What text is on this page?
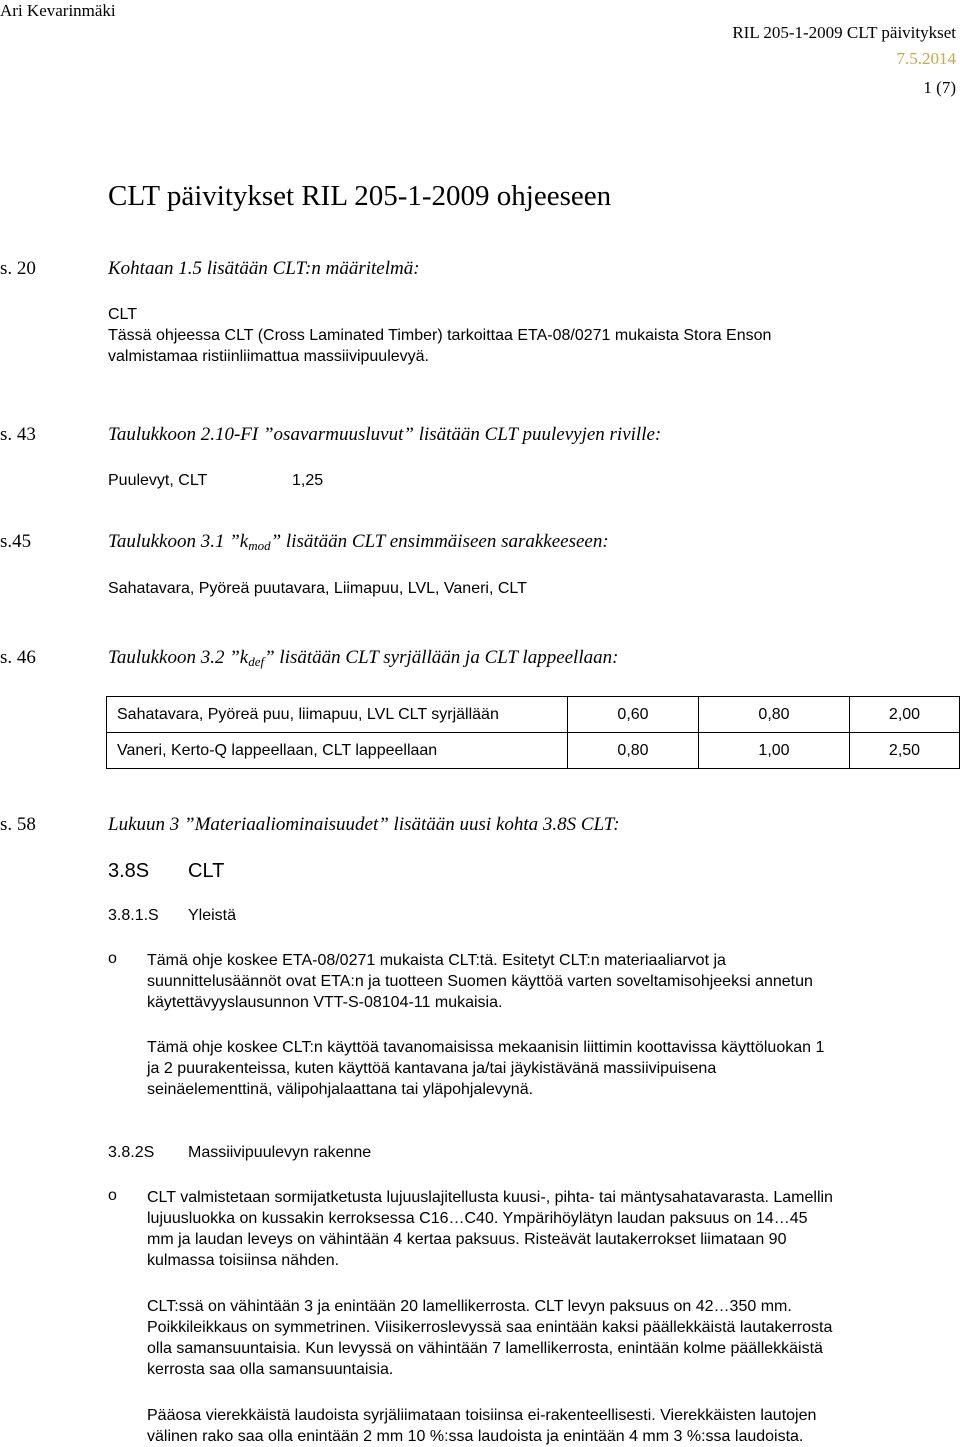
Ari Kevarinmäki
RIL 205-1-2009 CLT päivitykset
7.5.2014
1 (7)
CLT päivitykset RIL 205-1-2009 ohjeeseen
s. 20	Kohtaan 1.5 lisätään CLT:n määritelmä:
CLT
Tässä ohjeessa CLT (Cross Laminated Timber) tarkoittaa ETA-08/0271 mukaista Stora Enson
valmistamaa ristiinliimattua massiivipuulevyä.
s. 43	Taulukkoon 2.10-FI ”osavarmuusluvut” lisätään CLT puulevyjen riville:
Puulevyt, CLT	1,25
s.45	Taulukkoon 3.1 $”k_{mod}$” lisätään CLT ensimmäiseen sarakkeeseen:
Sahatavara, Pyöreä puutavara, Liimapuu, LVL, Vaneri, CLT
s. 46	Taulukkoon 3.2 $”k_{def}$” lisätään CLT syrjällään ja CLT lappeellaan:
Sahatavara, Pyöreä puu, liimapuu, LVL CLT syrjällään	0,60	0,80	2,00
Vaneri, Kerto-Q lappeellaan, CLT lappeellaan	0,80	1,00	2,50
s. 58	Lukuun 3 ”Materiaaliominaisuudet” lisätään uusi kohta 3.8S CLT:
3.8S CLT
3.8.1.S Yleistä
o Tämä ohje koskee ETA-08/0271 mukaista CLT:tä. Esitetyt CLT:n materiaaliarvot ja
suunnittelusäännöt ovat ETA:n ja tuotteen Suomen käyttöä varten soveltamisohjeeksi annetun
käytettävyyslausunnon VTT-S-08104-11 mukaisia.
Tämä ohje koskee CLT:n käyttöä tavanomaisissa mekaanisin liittimin koottavissa käyttöluokan 1
ja 2 puurakenteissa, kuten käyttöä kantavana ja/tai jäykistävänä massiivipuisena
seinäelementtinä, välipohjalaattana tai yläpohjalevynä.
3.8.2S Massiivipuulevyn rakenne
o CLT valmistetaan sormijatketusta lujuuslajitellusta kuusi-, pihta- tai mäntysahatavarasta. Lamellin
lujuusluokka on kussakin kerroksessa C16…C40. Ympärihöylätyn laudan paksuus on 14…45
mm ja laudan leveys on vähintään 4 kertaa paksuus. Risteävät lautakerrokset liimataan 90
kulmassa toisiinsa nähden.
CLT:ssä on vähintään 3 ja enintään 20 lamellikerrosta. CLT levyn paksuus on 42…350 mm.
Poikkileikkaus on symmetrinen. Viisikerroslevyssä saa enintään kaksi päällekkäistä lautakerrosta
olla samansuuntaisia. Kun levyssä on vähintään 7 lamellikerrosta, enintään kolme päällekkäistä
kerrosta saa olla samansuuntaisia.
Pääosa vierekkäistä laudoista syrjäliimataan toisiinsa ei-rakenteellisesti. Vierekkäisten lautojen
välinen rako saa olla enintään 2 mm 10 %:ssa laudoista ja enintään 4 mm 3 %:ssa laudoista.
